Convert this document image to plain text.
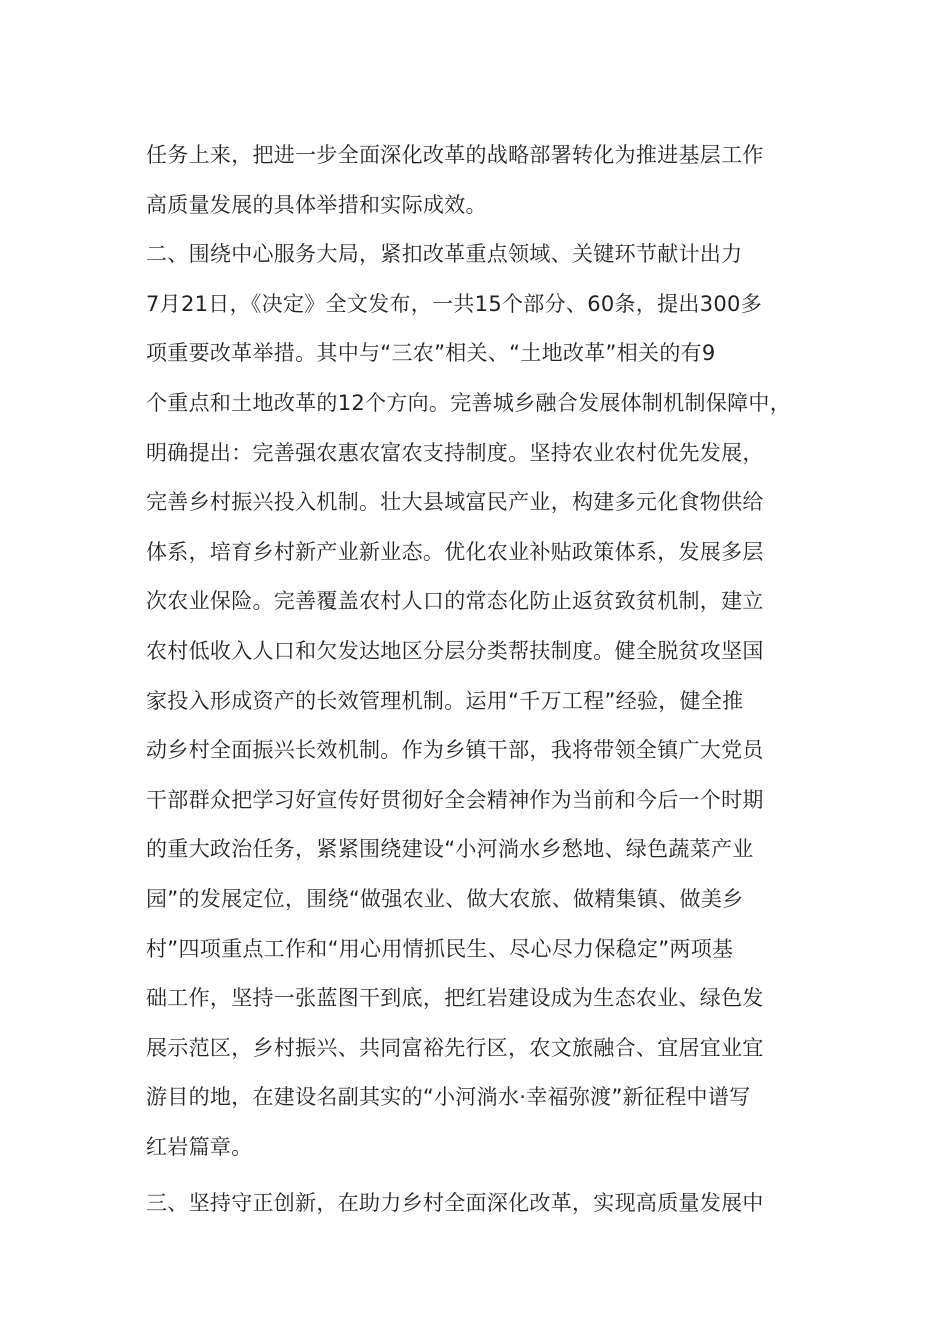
任务上来，把进一步全面深化改革的战略部署转化为推进基层工作
高质量发展的具体举措和实际成效。
二、围绕中心服务大局，紧扣改革重点领域、关键环节献计出力
7月21日，《决定》全文发布，一共15个部分、60条，提出300多
项重要改革举措。其中与“三农”相关、“土地改革”相关的有9
个重点和土地改革的12个方向。完善城乡融合发展体制机制保障中，
明确提出：完善强农惠农富农支持制度。坚持农业农村优先发展，
完善乡村振兴投入机制。壮大县域富民产业，构建多元化食物供给
体系，培育乡村新产业新业态。优化农业补贴政策体系，发展多层
次农业保险。完善覆盖农村人口的常态化防止返贫致贫机制，建立
农村低收入人口和欠发达地区分层分类帮扶制度。健全脱贫攻坚国
家投入形成资产的长效管理机制。运用“千万工程”经验，健全推
动乡村全面振兴长效机制。作为乡镇干部，我将带领全镇广大党员
干部群众把学习好宣传好贯彻好全会精神作为当前和今后一个时期
的重大政治任务，紧紧围绕建设“小河淌水乡愁地、绿色蔬菜产业
园”的发展定位，围绕“做强农业、做大农旅、做精集镇、做美乡
村”四项重点工作和“用心用情抓民生、尽心尽力保稳定”两项基
础工作，坚持一张蓝图干到底，把红岩建设成为生态农业、绿色发
展示范区，乡村振兴、共同富裕先行区，农文旅融合、宜居宜业宜
游目的地，在建设名副其实的“小河淌水·幸福弥渡”新征程中谱写
红岩篇章。
三、坚持守正创新，在助力乡村全面深化改革，实现高质量发展中
